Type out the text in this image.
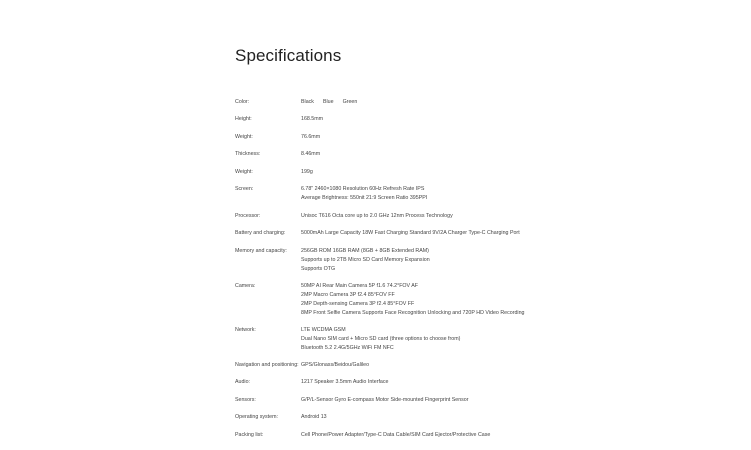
Specifications
Color:	Black Blue Green
Height:	168.5mm
Weight:	76.6mm
Thickness:	8.46mm
Weight:	199g
Screen:	6.78" 2460×1080 Resolution 60Hz Refresh Rate IPS
Average Brightness: 550nit 21:9 Screen Ratio 395PPI
Processor:	Unisoc T616 Octa core up to 2.0 GHz 12nm Process Technology
Battery and charging:	5000mAh Large Capacity 18W Fast Charging Standard 9V/2A Charger Type-C Charging Port
Memory and capacity:	256GB ROM 16GB RAM (8GB + 8GB Extended RAM)
Supports up to 2TB Micro SD Card Memory Expansion
Supports OTG
Camera:	50MP AI Rear Main Camera 5P f1.6 74.2°FOV AF
2MP Macro Camera 3P f2.4 85°FOV FF
2MP Depth-sensing Camera 3P f2.4 85°FOV FF
8MP Front Selfie Camera Supports Face Recognition Unlocking and 720P HD Video Recording
Network:	LTE WCDMA GSM
Dual Nano SIM card + Micro SD card (three options to choose from)
Bluetooth 5.2 2.4G/5GHz WiFi FM NFC
Navigation and positioning: GPS/Glonass/Beidou/Galileo
Audio:	1217 Speaker 3.5mm Audio Interface
Sensors:	G/P/L-Sensor Gyro E-compass Motor Side-mounted Fingerprint Sensor
Operating system:	Android 13
Packing list:	Cell Phone/Power Adapter/Type-C Data Cable/SIM Card Ejector/Protective Case
